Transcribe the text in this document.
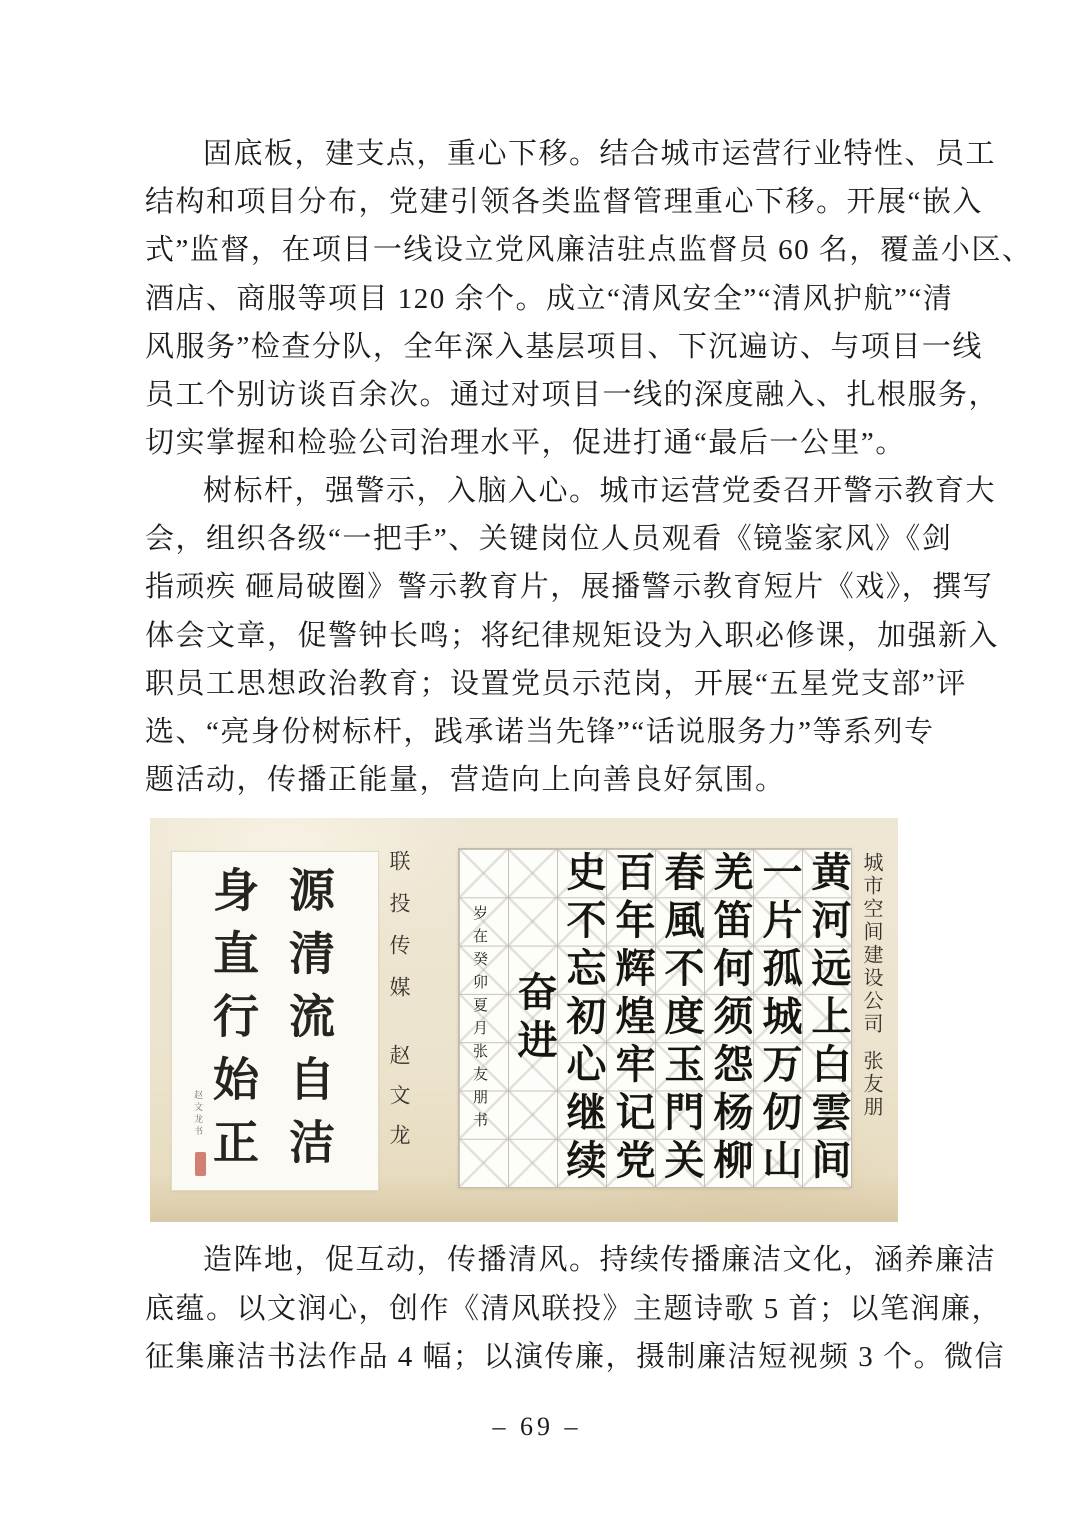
固底板，建支点，重心下移。结合城市运营行业特性、员工
结构和项目分布，党建引领各类监督管理重心下移。开展“嵌入
式”监督，在项目一线设立党风廉洁驻点监督员 60 名，覆盖小区、
酒店、商服等项目 120 余个。成立“清风安全”“清风护航”“清
风服务”检查分队，全年深入基层项目、下沉遍访、与项目一线
员工个别访谈百余次。通过对项目一线的深度融入、扎根服务，
切实掌握和检验公司治理水平，促进打通“最后一公里”。
树标杆，强警示，入脑入心。城市运营党委召开警示教育大
会，组织各级“一把手”、关键岗位人员观看《镜鉴家风》《剑
指顽疾 砸局破圈》警示教育片，展播警示教育短片《戏》，撰写
体会文章，促警钟长鸣；将纪律规矩设为入职必修课，加强新入
职员工思想政治教育；设置党员示范岗，开展“五星党支部”评
选、“亮身份树标杆，践承诺当先锋”“话说服务力”等系列专
题活动，传播正能量，营造向上向善良好氛围。
源清流自洁
身直行始正
赵文龙书
联投传媒
赵文龙	黄河远上白雲间
一片孤城万仞山
羌笛何须怨杨柳
春風不度玉門关
百年辉煌牢记党
史不忘初心继续
奋进
岁在癸卯夏月张友朋书	城市空间建设公司
张友朋
造阵地，促互动，传播清风。持续传播廉洁文化，涵养廉洁
底蕴。以文润心，创作《清风联投》主题诗歌 5 首；以笔润廉，
征集廉洁书法作品 4 幅；以演传廉，摄制廉洁短视频 3 个。微信
– 69 –
